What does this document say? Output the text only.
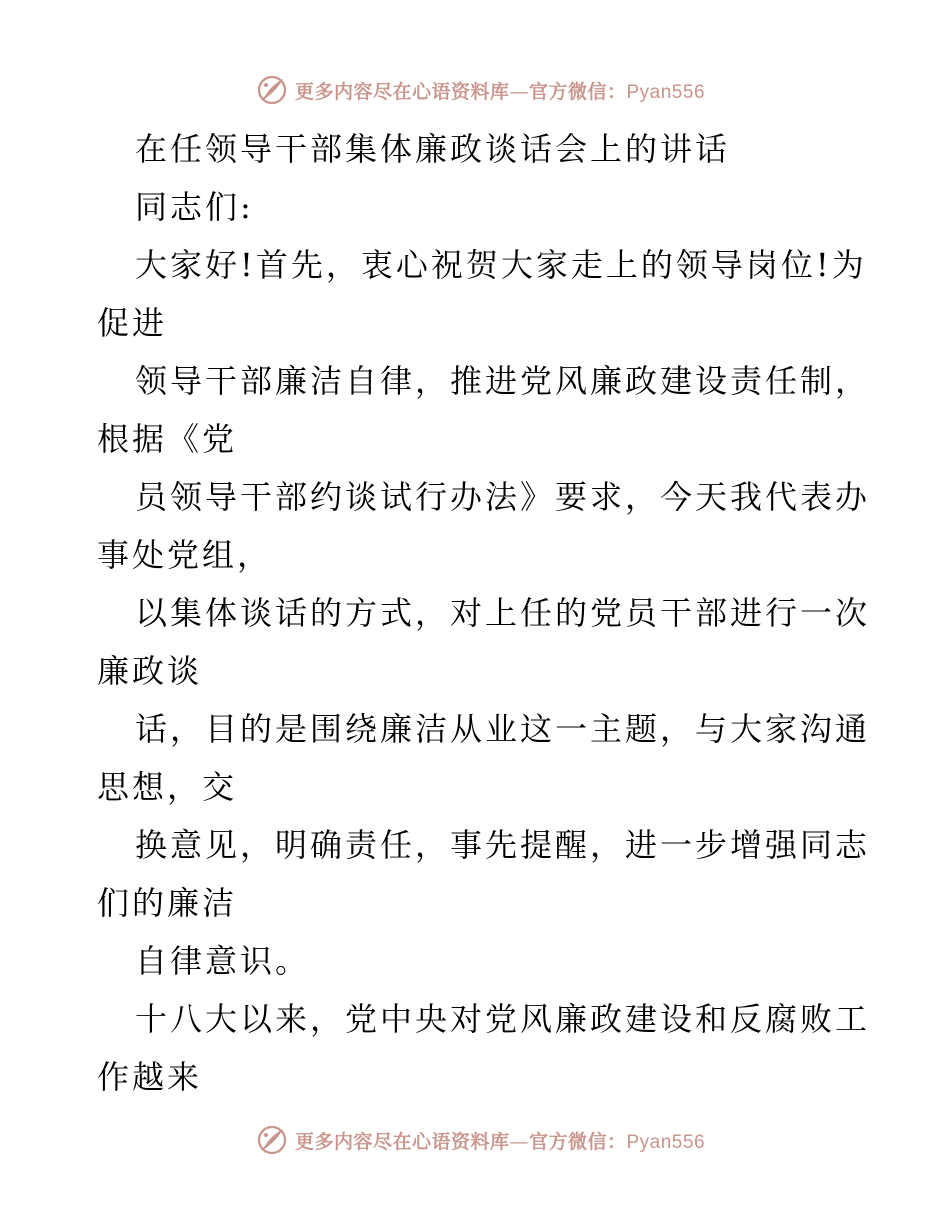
更多内容尽在心语资料库—官方微信：Pyan556
在任领导干部集体廉政谈话会上的讲话
同志们:
大家好!首先，衷心祝贺大家走上的领导岗位!为
促进
领导干部廉洁自律，推进党风廉政建设责任制，
根据《党
员领导干部约谈试行办法》要求，今天我代表办
事处党组，
以集体谈话的方式，对上任的党员干部进行一次
廉政谈
话，目的是围绕廉洁从业这一主题，与大家沟通
思想，交
换意见，明确责任，事先提醒，进一步增强同志
们的廉洁
自律意识。
十八大以来，党中央对党风廉政建设和反腐败工
作越来
更多内容尽在心语资料库—官方微信：Pyan556
